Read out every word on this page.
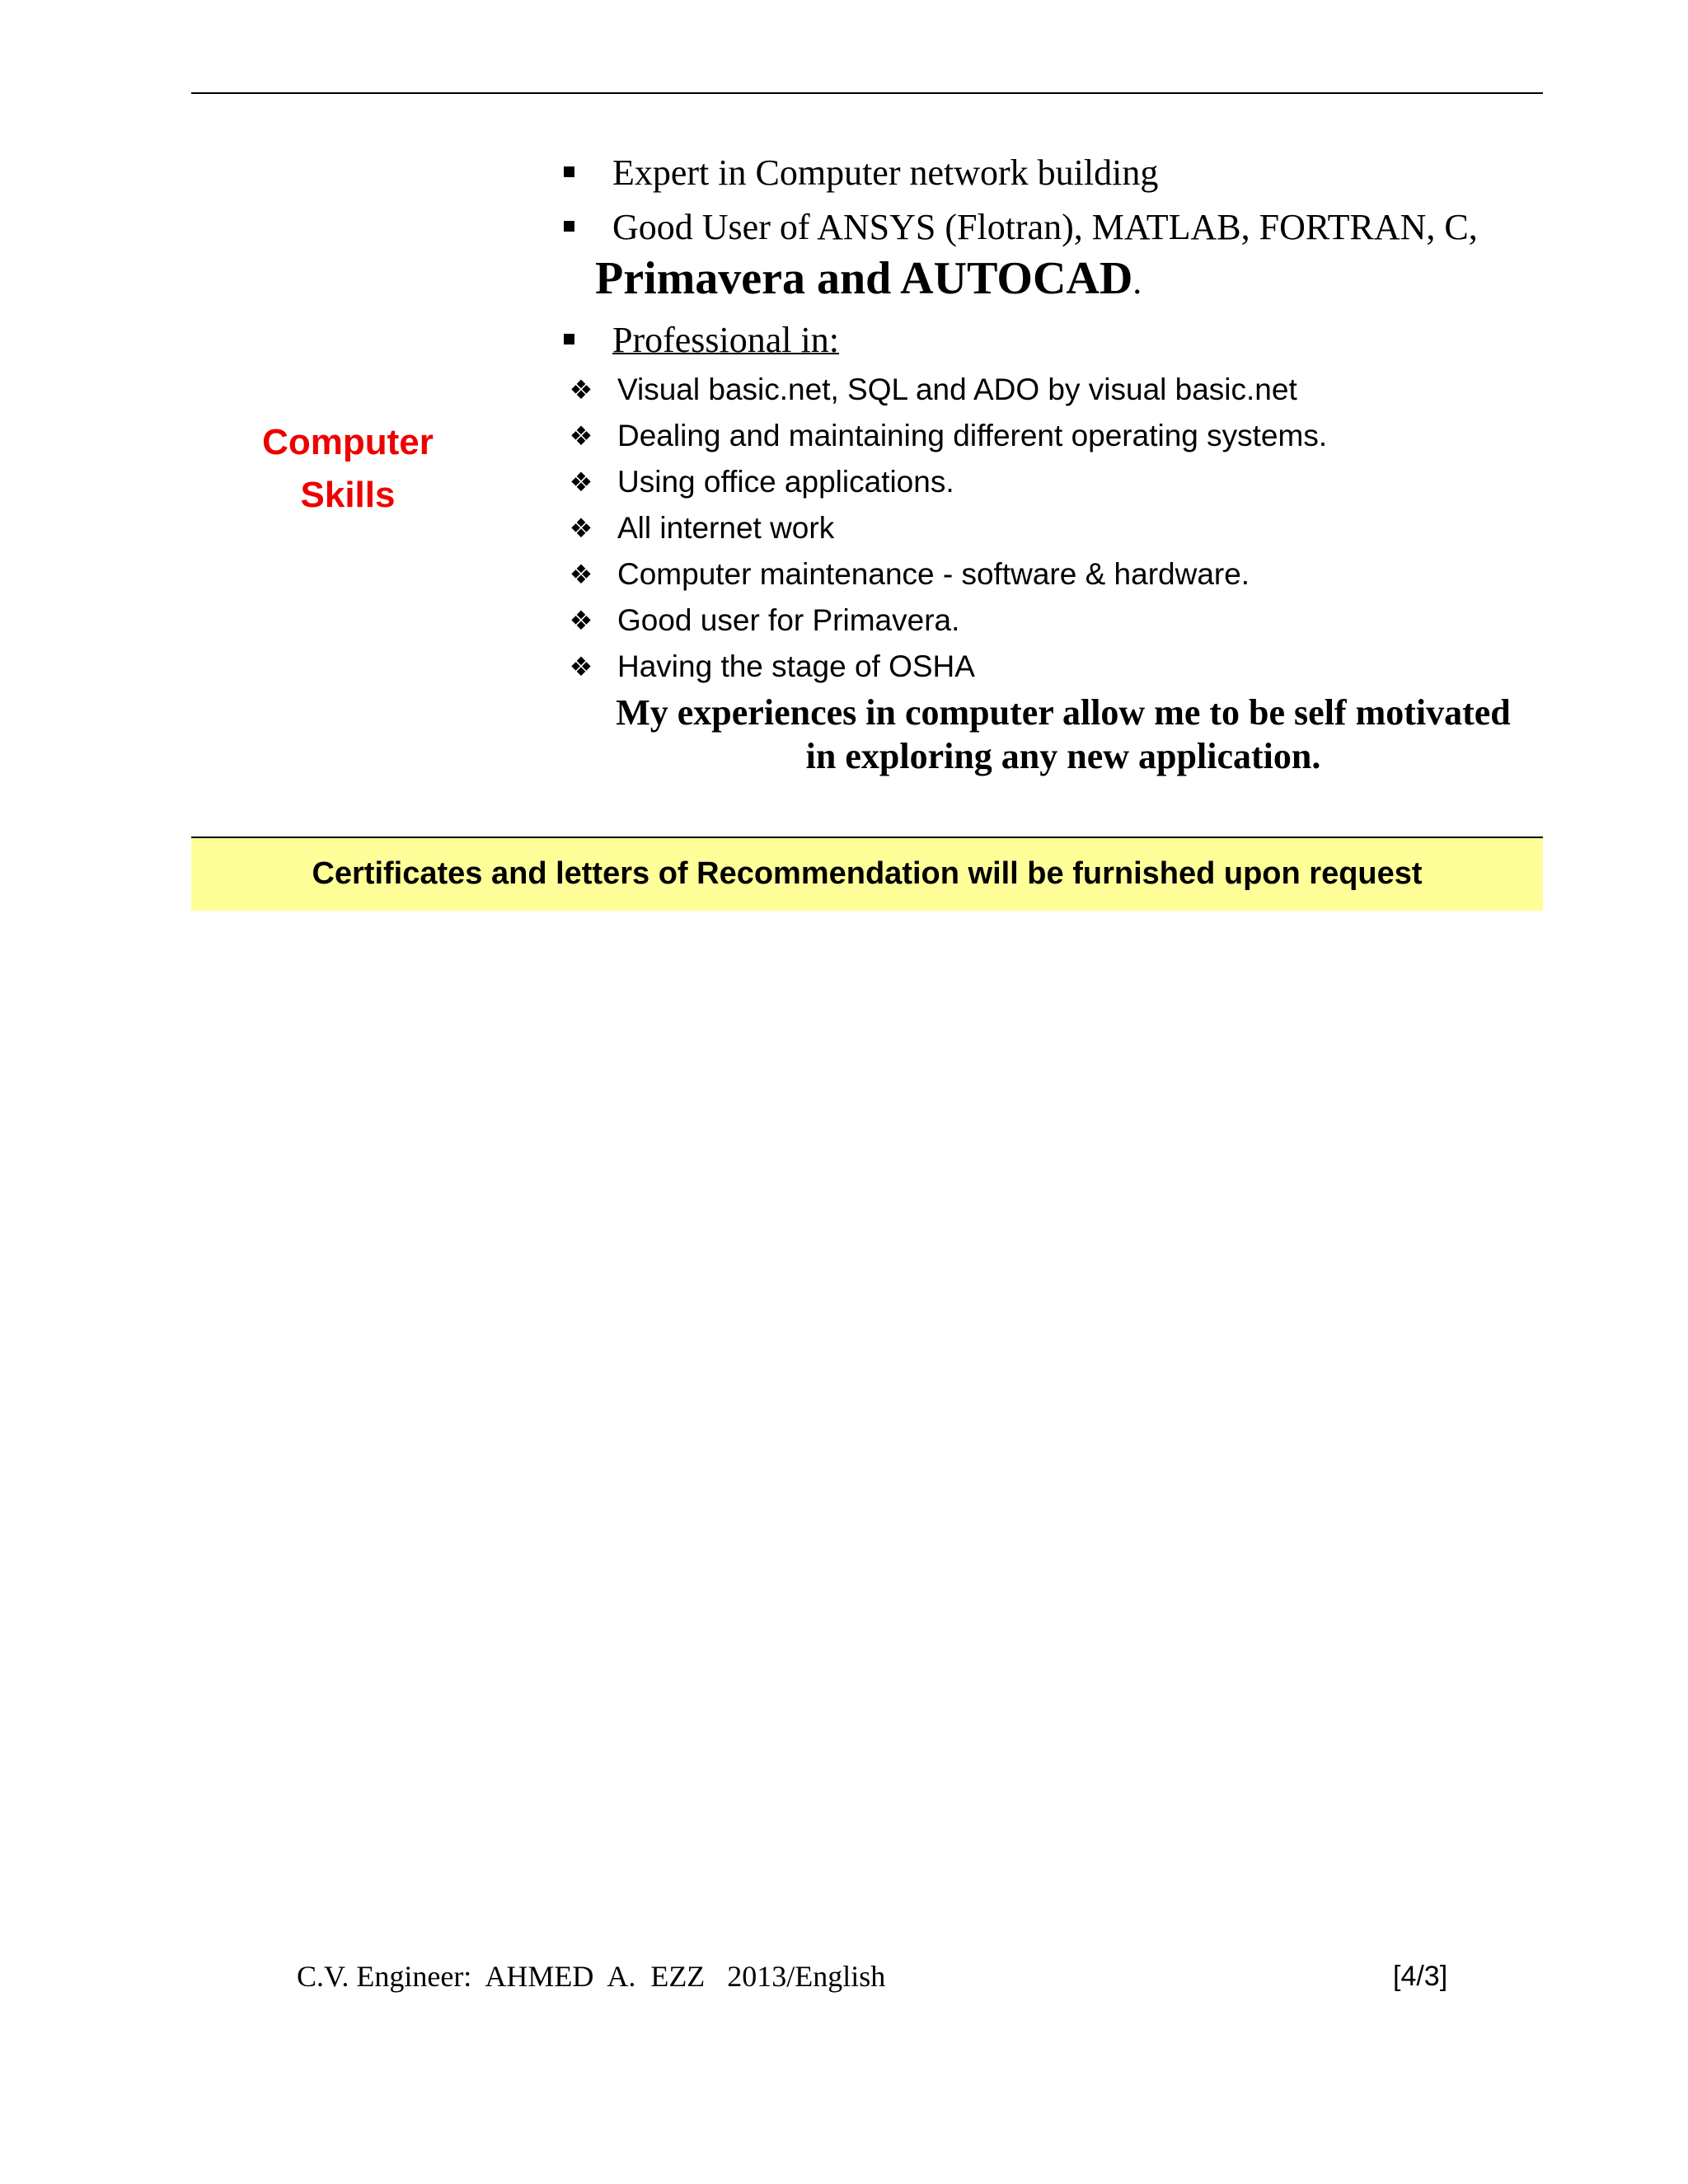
Computer
Skills
Expert in Computer network building
Good User of ANSYS (Flotran), MATLAB, FORTRAN, C,
Primavera and AUTOCAD.
Professional in:
❖ Visual basic.net, SQL and ADO by visual basic.net
❖ Dealing and maintaining different operating systems.
❖ Using office applications.
❖ All internet work
❖ Computer maintenance - software & hardware.
❖ Good user for Primavera.
❖ Having the stage of OSHA
My experiences in computer allow me to be self motivated
in exploring any new application.
Certificates and letters of Recommendation will be furnished upon request
C.V. Engineer:  AHMED  A.  EZZ   2013/English	[4/3]
